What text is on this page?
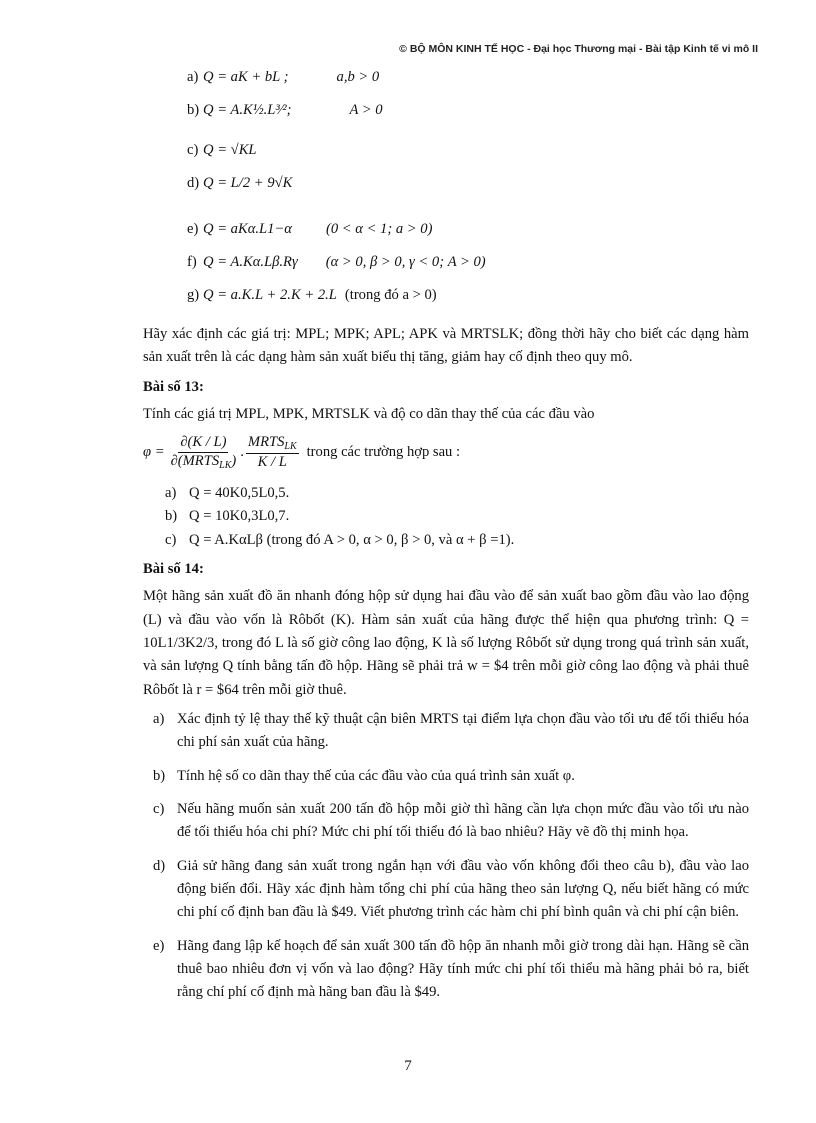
© BỘ MÔN KINH TẾ HỌC - Đại học Thương mại - Bài tập Kinh tế vi mô II
a) Q = aK + bL ;	a,b > 0
b) Q = A.K½.L³⁄²;	A > 0
c) Q = √KL
d) Q = L/2 + 9√K
e) Q = aKα.L1−α (0 < α < 1; a > 0)
f) Q = A.Kα.Lβ.Rγ (α > 0, β > 0, γ < 0; A > 0)
g) Q = a.K.L + 2.K + 2.L (trong đó a > 0)
Hãy xác định các giá trị: MPL; MPK; APL; APK và MRTSLK; đồng thời hãy cho biết các dạng hàm sản xuất trên là các dạng hàm sản xuất biểu thị tăng, giảm hay cố định theo quy mô.
Bài số 13:
Tính các giá trị MPL, MPK, MRTSLK và độ co dãn thay thế của các đầu vào
$\varphi = \frac{\partial(K / L)}{\partial(MRTS_{LK})}$ . $\frac{MRTS_{LK}}{K / L}$ trong các trường hợp sau :
a) Q = 40K0,5L0,5.
b) Q = 10K0,3L0,7.
c) Q = A.KαLβ (trong đó A > 0, α > 0, β > 0, và α + β =1).
Bài số 14:
Một hãng sản xuất đồ ăn nhanh đóng hộp sử dụng hai đầu vào để sản xuất bao gồm đầu vào lao động (L) và đầu vào vốn là Rôbốt (K). Hàm sản xuất của hãng được thể hiện qua phương trình: Q = 10L1/3K2/3, trong đó L là số giờ công lao động, K là số lượng Rôbốt sử dụng trong quá trình sản xuất, và sản lượng Q tính bằng tấn đồ hộp. Hãng sẽ phải trả w = $4 trên mỗi giờ công lao động và phải thuê Rôbốt là r = $64 trên mỗi giờ thuê.
a) Xác định tỷ lệ thay thế kỹ thuật cận biên MRTS tại điểm lựa chọn đầu vào tối ưu để tối thiểu hóa chi phí sản xuất của hãng.
b) Tính hệ số co dãn thay thế của các đầu vào của quá trình sản xuất φ.
c) Nếu hãng muốn sản xuất 200 tấn đồ hộp mỗi giờ thì hãng cần lựa chọn mức đầu vào tối ưu nào để tối thiểu hóa chi phí? Mức chi phí tối thiểu đó là bao nhiêu? Hãy vẽ đồ thị minh họa.
d) Giả sử hãng đang sản xuất trong ngắn hạn với đầu vào vốn không đổi theo câu b), đầu vào lao động biến đổi. Hãy xác định hàm tổng chi phí của hãng theo sản lượng Q, nếu biết hãng có mức chi phí cố định ban đầu là $49. Viết phương trình các hàm chi phí bình quân và chi phí cận biên.
e) Hãng đang lập kế hoạch để sản xuất 300 tấn đồ hộp ăn nhanh mỗi giờ trong dài hạn. Hãng sẽ cần thuê bao nhiêu đơn vị vốn và lao động? Hãy tính mức chi phí tối thiểu mà hãng phải bỏ ra, biết rằng chí phí cố định mà hãng ban đầu là $49.
7
